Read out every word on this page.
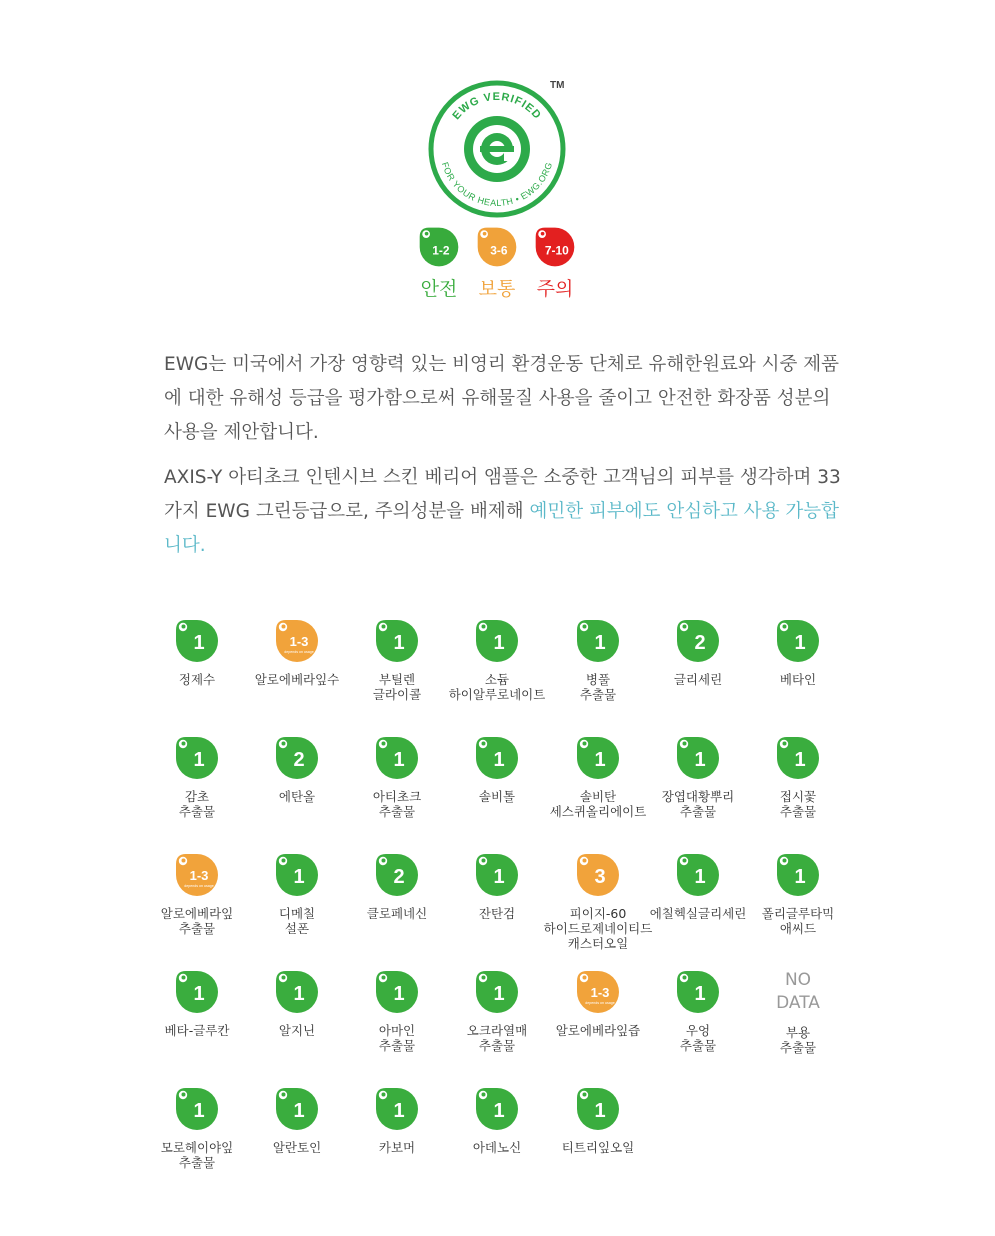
EWG VERIFIED
FOR YOUR HEALTH • EWG.ORG
TM
1-2
안전
3-6
보통
7-10
주의

EWG는 미국에서 가장 영향력 있는 비영리 환경운동 단체로 유해한원료와 시중 제품에 대한 유해성 등급을 평가함으로써 유해물질 사용을 줄이고 안전한 화장품 성분의 사용을 제안합니다.

AXIS-Y 아티초크 인텐시브 스킨 베리어 앰플은 소중한 고객님의 피부를 생각하며 33가지 EWG 그린등급으로, 주의성분을 배제해 예민한 피부에도 안심하고 사용 가능합니다.

1
정제수
1-3
depends on usage
알로에베라잎수
1
부틸렌
글라이콜
1
소듐
하이알루로네이트
1
병풀
추출물
2
글리세린
1
베타인
1
감초
추출물
2
에탄올
1
아티초크
추출물
1
솔비톨
1
솔비탄
세스퀴올리에이트
1
장엽대황뿌리
추출물
1
접시꽃
추출물
1-3
depends on usage
알로에베라잎
추출물
1
디메칠
설폰
2
클로페네신
1
잔탄검
3
피이지-60
하이드로제네이티드
캐스터오일
1
에칠헥실글리세린
1
폴리글루타믹
애씨드
1
베타-글루칸
1
알지닌
1
아마인
추출물
1
오크라열매
추출물
1-3
depends on usage
알로에베라잎즙
1
우엉
추출물
NO
DATA
부용
추출물
1
모로헤이야잎
추출물
1
알란토인
1
카보머
1
아데노신
1
티트리잎오일
